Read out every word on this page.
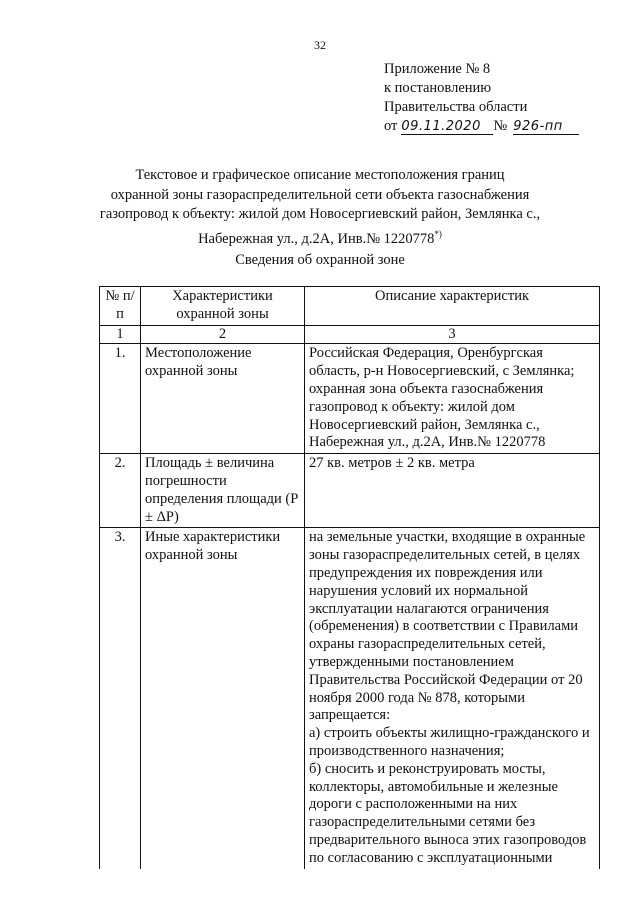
32
Приложение № 8
к постановлению
Правительства области
от 09.11.2020 № 926-пп
Текстовое и графическое описание местоположения границ
охранной зоны газораспределительной сети объекта газоснабжения
газопровод к объекту: жилой дом Новосергиевский район, Землянка с.,
Набережная ул., д.2А, Инв.№ 1220778*)
Сведения об охранной зоне
№ п/п	Характеристики охранной зоны	Описание характеристик
1	2	3
1.	Местоположение охранной зоны	Российская Федерация, Оренбургская область, р-н Новосергиевский, с Землянка; охранная зона объекта газоснабжения газопровод к объекту: жилой дом Новосергиевский район, Землянка с., Набережная ул., д.2А, Инв.№ 1220778
2.	Площадь ± величина погрешности определения площади (Р ± ΔР)	27 кв. метров ± 2 кв. метра
3.	Иные характеристики охранной зоны	на земельные участки, входящие в охранные зоны газораспределительных сетей, в целях предупреждения их повреждения или нарушения условий их нормальной эксплуатации налагаются ограничения (обременения) в соответствии с Правилами охраны газораспределительных сетей, утвержденными постановлением Правительства Российской Федерации от 20 ноября 2000 года № 878, которыми запрещается:
а) строить объекты жилищно-гражданского и производственного назначения;
б) сносить и реконструировать мосты, коллекторы, автомобильные и железные дороги с расположенными на них газораспределительными сетями без предварительного выноса этих газопроводов по согласованию с эксплуатационными
